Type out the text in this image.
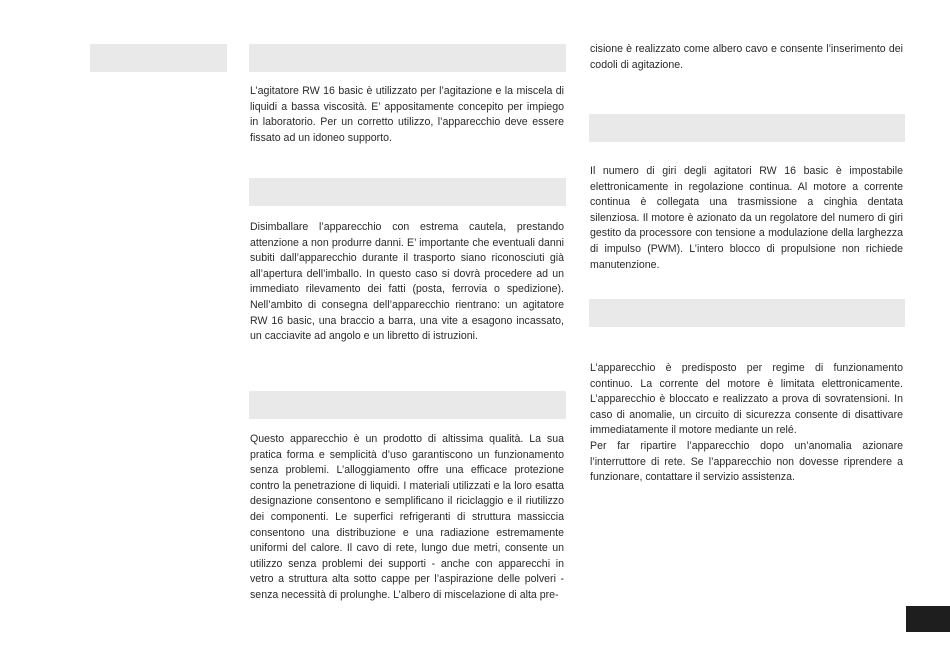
L’agitatore RW 16 basic è utilizzato per l’agitazione e la miscela di liquidi a bassa viscosità. E’ appositamente concepito per impiego in laboratorio. Per un corretto utilizzo, l’apparecchio deve essere fissato ad un idoneo supporto.

Disimballare l’apparecchio con estrema cautela, prestando attenzione a non produrre danni. E’ importante che eventuali danni subiti dall’apparecchio durante il trasporto siano riconosciuti già all’apertura dell’imballo. In questo caso si dovrà procedere ad un immediato rilevamento dei fatti (posta, ferrovia o spedizione). Nell’ambito di consegna dell’apparecchio rientrano: un agitatore RW 16 basic, una braccio a barra, una vite a esagono incassato, un cacciavite ad angolo e un libretto di istruzioni.

Questo apparecchio è un prodotto di altissima qualità. La sua pratica forma e semplicità d’uso garantiscono un funzionamento senza problemi. L’alloggiamento offre una efficace protezione contro la penetrazione di liquidi. I materiali utilizzati e la loro esatta designazione consentono e semplificano il riciclaggio e il riutilizzo dei componenti. Le superfici refrigeranti di struttura massiccia consentono una distribuzione e una radiazione estremamente uniformi del calore. Il cavo di rete, lungo due metri, consente un utilizzo senza problemi dei supporti - anche con apparecchi in vetro a struttura alta sotto cappe per l’aspirazione delle polveri - senza necessità di prolunghe. L’albero di miscelazione di alta pre-

cisione è realizzato come albero cavo e consente l’inserimento dei codoli di agitazione.

Il numero di giri degli agitatori RW 16 basic è impostabile elettronicamente in regolazione continua. Al motore a corrente continua è collegata una trasmissione a cinghia dentata silenziosa. Il motore è azionato da un regolatore del numero di giri gestito da processore con tensione a modulazione della larghezza di impulso (PWM). L’intero blocco di propulsione non richiede manutenzione.

L’apparecchio è predisposto per regime di funzionamento continuo. La corrente del motore è limitata elettronicamente. L’apparecchio è bloccato e realizzato a prova di sovratensioni. In caso di anomalie, un circuito di sicurezza consente di disattivare immediatamente il motore mediante un relé.

Per far ripartire l’apparecchio dopo un’anomalia azionare l’interruttore di rete. Se l’apparecchio non dovesse riprendere a funzionare, contattare il servizio assistenza.
